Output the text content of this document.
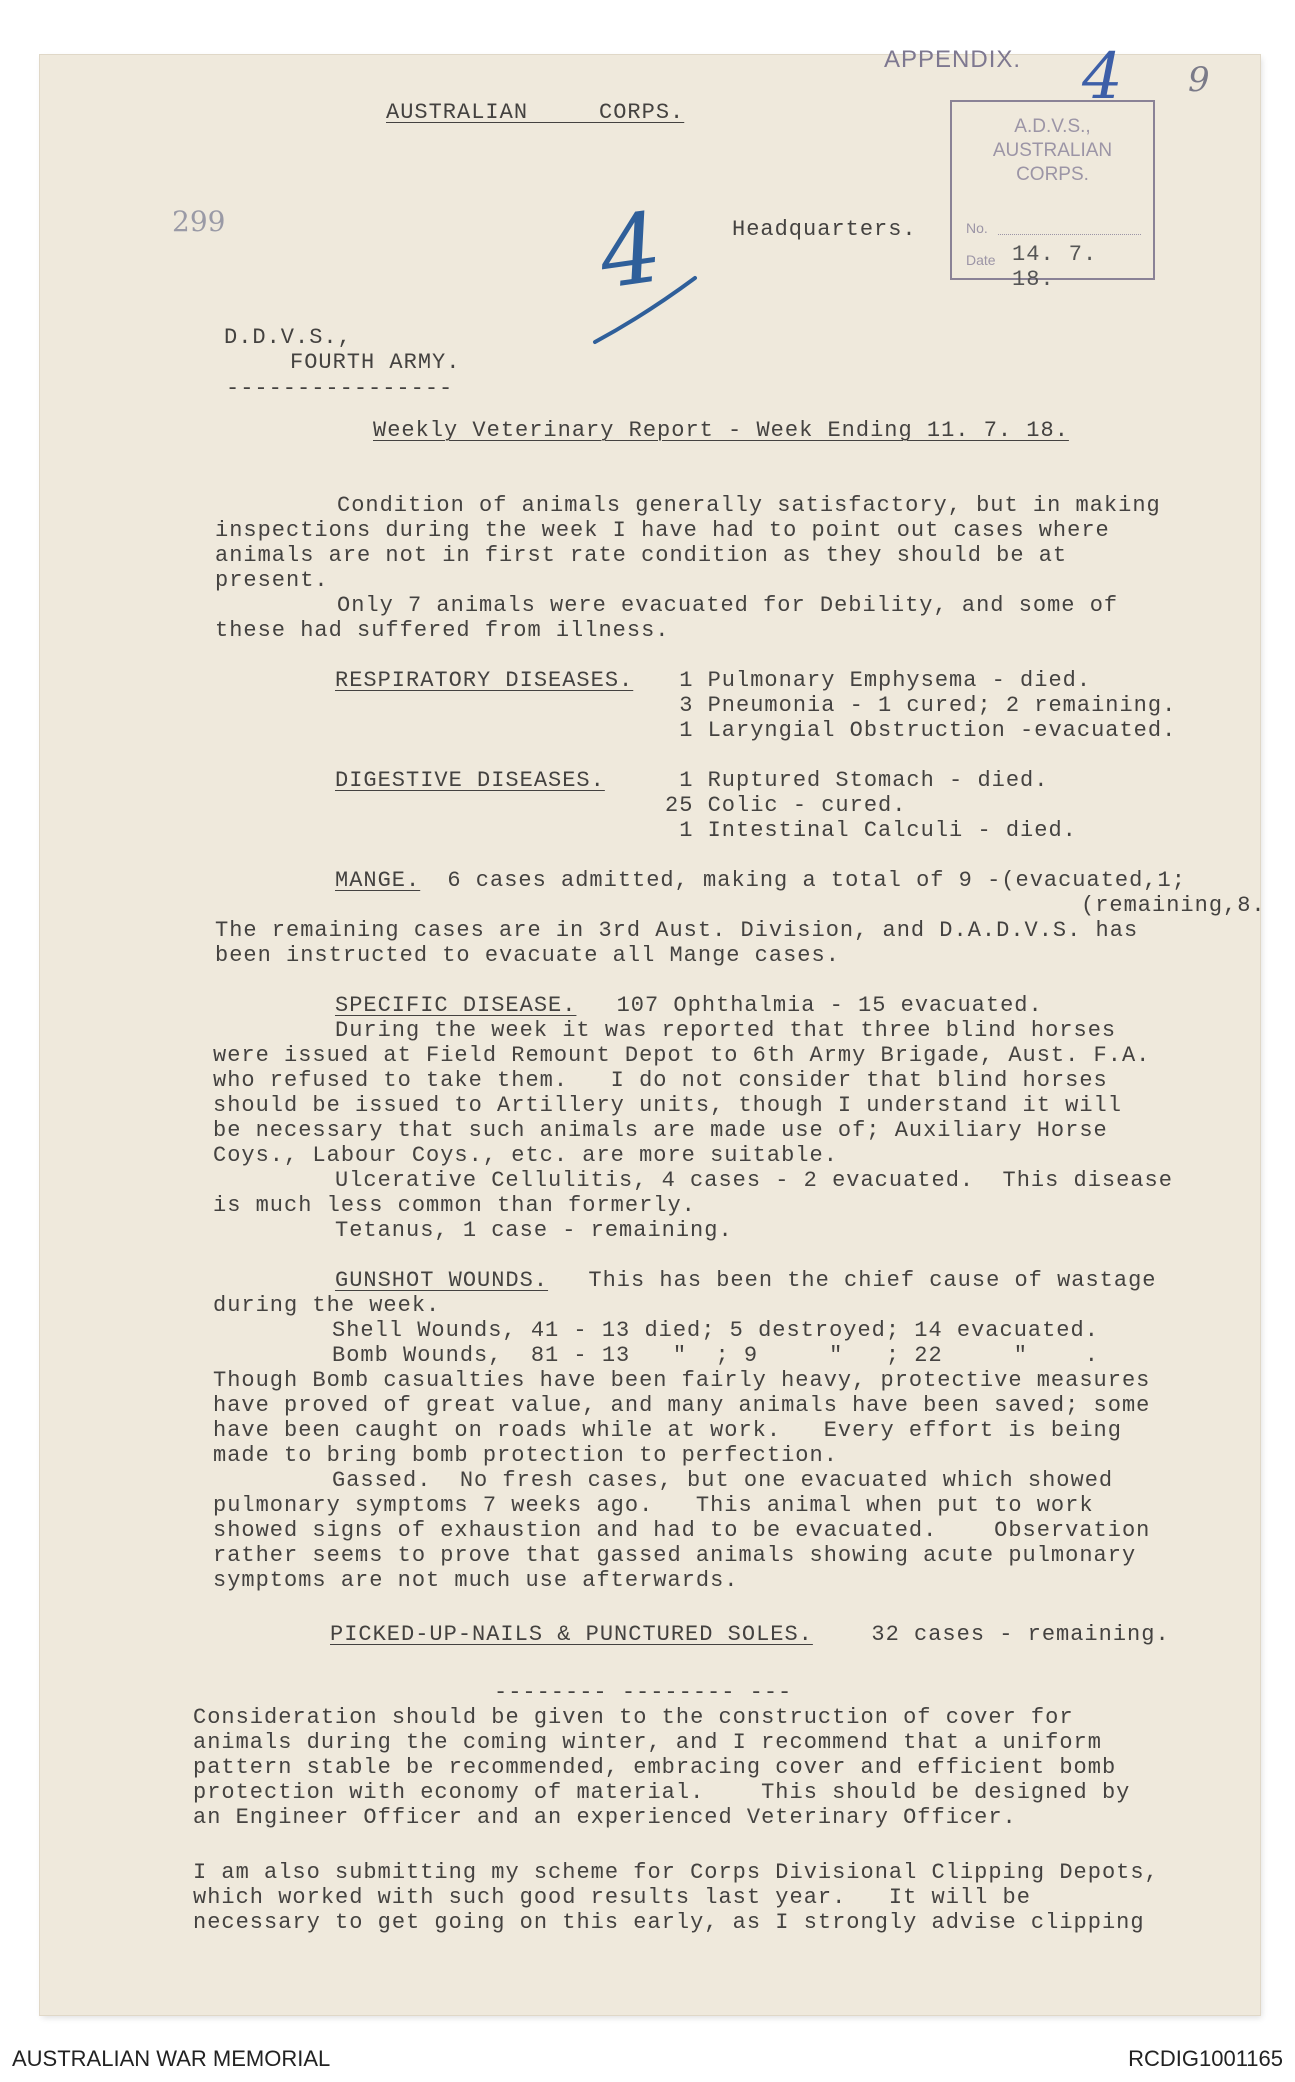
AUSTRALIAN     CORPS.
Headquarters.
299
9
4
APPENDIX. 4
A.D.V.S.,
AUSTRALIAN
CORPS.
No.
Date 14. 7. 18.
D.D.V.S.,
FOURTH ARMY.
----------------
Weekly Veterinary Report - Week Ending 11. 7. 18.
Condition of animals generally satisfactory, but in making
inspections during the week I have had to point out cases where
animals are not in first rate condition as they should be at
present.
Only 7 animals were evacuated for Debility, and some of
these had suffered from illness.
RESPIRATORY DISEASES. 1 Pulmonary Emphysema - died.
3 Pneumonia - 1 cured; 2 remaining.
1 Laryngial Obstruction -evacuated.
DIGESTIVE DISEASES.	1 Ruptured Stomach - died.
25 Colic - cured.
1 Intestinal Calculi - died.
MANGE.
6 cases admitted, making a total of 9 -(evacuated,1;
(remaining,8.
The remaining cases are in 3rd Aust. Division, and D.A.D.V.S. has
been instructed to evacuate all Mange cases.
SPECIFIC DISEASE.
107 Ophthalmia - 15 evacuated.
During the week it was reported that three blind horses
were issued at Field Remount Depot to 6th Army Brigade, Aust. F.A.
who refused to take them.   I do not consider that blind horses
should be issued to Artillery units, though I understand it will
be necessary that such animals are made use of; Auxiliary Horse
Coys., Labour Coys., etc. are more suitable.
Ulcerative Cellulitis, 4 cases - 2 evacuated.  This disease
is much less common than formerly.
Tetanus, 1 case - remaining.
GUNSHOT WOUNDS. This has been the chief cause of wastage
during the week.
Shell Wounds, 41 - 13 died; 5 destroyed; 14 evacuated.
Bomb Wounds,  81 - 13   "  ; 9     "   ; 22     "    .
Though Bomb casualties have been fairly heavy, protective measures
have proved of great value, and many animals have been saved; some
have been caught on roads while at work.   Every effort is being
made to bring bomb protection to perfection.
Gassed.  No fresh cases, but one evacuated which showed
pulmonary symptoms 7 weeks ago.   This animal when put to work
showed signs of exhaustion and had to be evacuated.    Observation
rather seems to prove that gassed animals showing acute pulmonary
symptoms are not much use afterwards.
PICKED-UP-NAILS & PUNCTURED SOLES. 32 cases - remaining.
-------- -------- ---
Consideration should be given to the construction of cover for
animals during the coming winter, and I recommend that a uniform
pattern stable be recommended, embracing cover and efficient bomb
protection with economy of material.    This should be designed by
an Engineer Officer and an experienced Veterinary Officer.
I am also submitting my scheme for Corps Divisional Clipping Depots,
which worked with such good results last year.   It will be
necessary to get going on this early, as I strongly advise clipping
AUSTRALIAN WAR MEMORIAL	RCDIG1001165
